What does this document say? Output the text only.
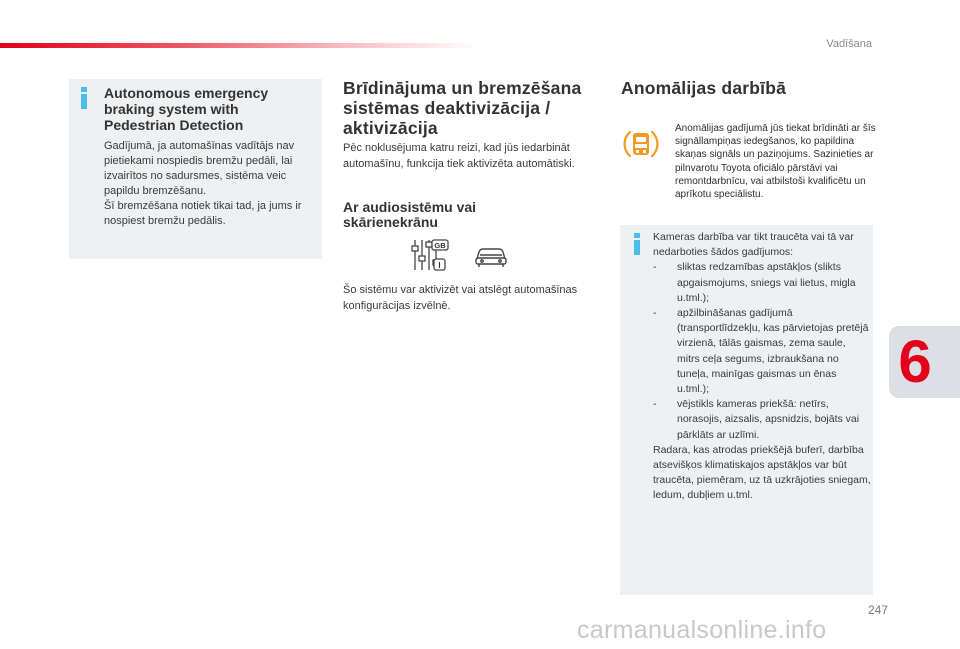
Vadīšana
Autonomous emergency braking system with Pedestrian Detection

Gadījumā, ja automašīnas vadītājs nav pietiekami nospiedis bremžu pedāli, lai izvairītos no sadursmes, sistēma veic papildu bremzēšanu.

Šī bremzēšana notiek tikai tad, ja jums ir nospiest bremžu pedālis.

Brīdinājuma un bremzēšana sistēmas deaktivizācija / aktivizācija

Pēc noklusējuma katru reizi, kad jūs iedarbināt automašīnu, funkcija tiek aktivizēta automātiski.

Ar audiosistēmu vai skārienekrānu
GB
I

Šo sistēmu var aktivizēt vai atslēgt automašīnas konfigurācijas izvēlnē.

Anomālijas darbībā

Anomālijas gadījumā jūs tiekat brīdināti ar šīs signāllampiņas iedegšanos, ko papildina skaņas signāls un paziņojums. Sazinieties ar pilnvarotu Toyota oficiālo pārstāvi vai remontdarbnīcu, vai atbilstoši kvalificētu un aprīkotu speciālistu.

Kameras darbība var tikt traucēta vai tā var nedarboties šādos gadījumos:
- sliktas redzamības apstākļos (slikts apgaismojums, sniegs vai lietus, migla u.tml.);
- apžilbināšanas gadījumā (transportlīdzekļu, kas pārvietojas pretējā virzienā, tālās gaismas, zema saule, mitrs ceļa segums, izbraukšana no tuneļa, mainīgas gaismas un ēnas u.tml.);
- vējstikls kameras priekšā: netīrs, norasojis, aizsalis, apsnidzis, bojāts vai pārklāts ar uzlīmi.
Radara, kas atrodas priekšējā buferī, darbība atsevišķos klimatiskajos apstākļos var būt traucēta, piemēram, uz tā uzkrājoties sniegam, ledum, dubļiem u.tml.
6
247
carmanualsonline.info
